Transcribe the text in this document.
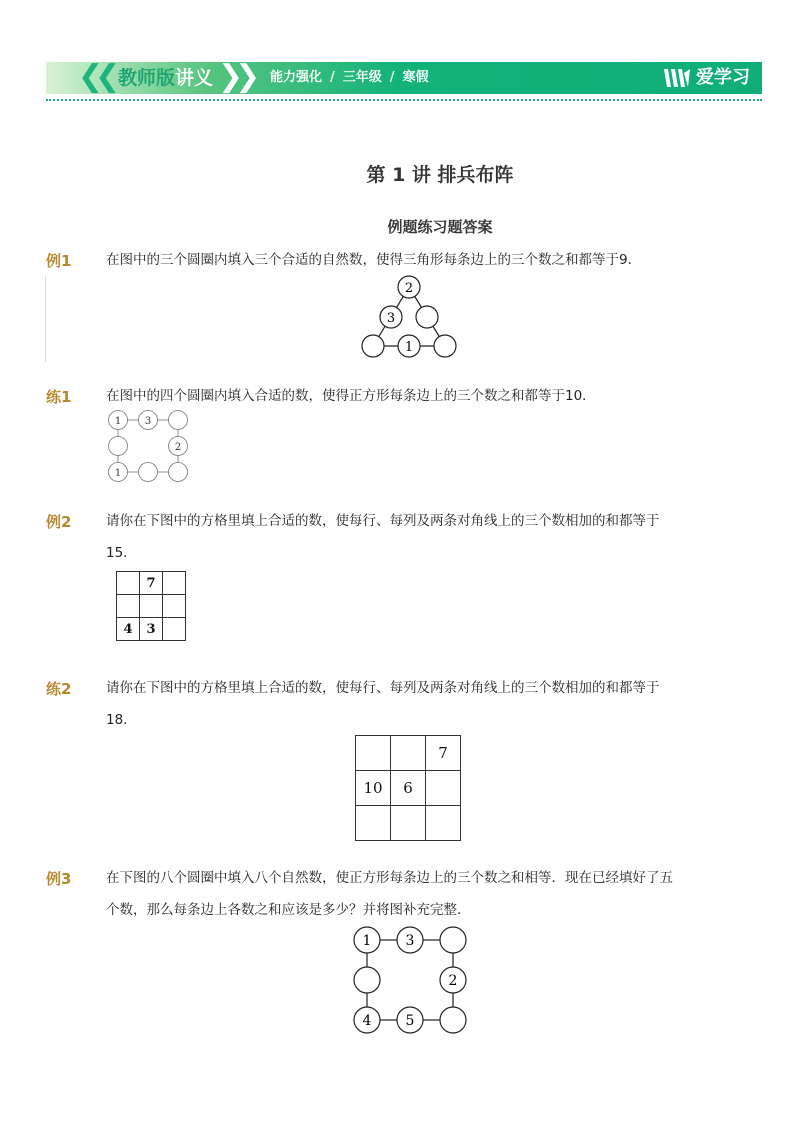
❮❮ 教师版讲义 ❯❯ 能力强化 / 三年级 / 寒假	爱学习
第 1 讲 排兵布阵
例题练习题答案
例1	在图中的三个圆圈内填入三个合适的自然数，使得三角形每条边上的三个数之和都等于9．
2
3
1
练1	在图中的四个圆圈内填入合适的数，使得正方形每条边上的三个数之和都等于10．
1 3
2
1
例2	请你在下图中的方格里填上合适的数，使每行、每列及两条对角线上的三个数相加的和都等于
15．
	7	

4	3	
练2	请你在下图中的方格里填上合适的数，使每行、每列及两条对角线上的三个数相加的和都等于
18．
		7
10	6	

例3	在下图的八个圆圈中填入八个自然数，使正方形每条边上的三个数之和相等．现在已经填好了五
个数，那么每条边上各数之和应该是多少？并将图补充完整．
1 3
2
4 5
